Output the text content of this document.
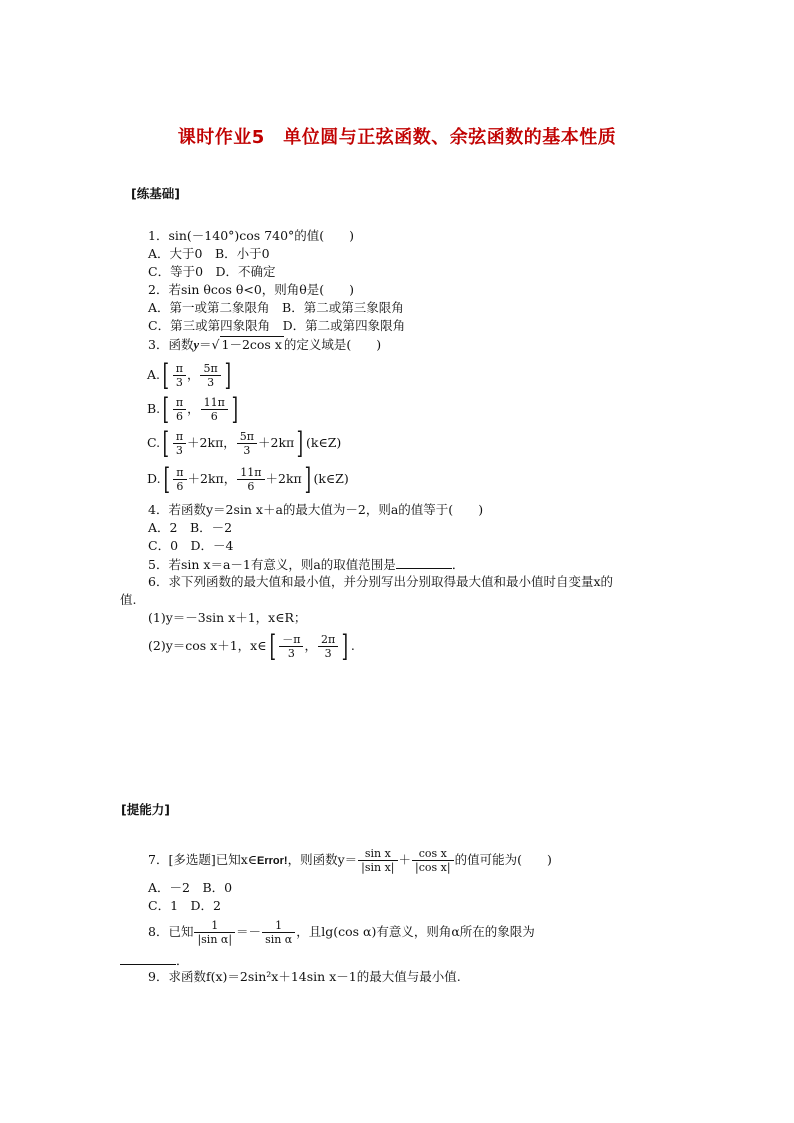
课时作业5　单位圆与正弦函数、余弦函数的基本性质
[练基础]
1．sin(－140°)cos 740°的值(　　)
A．大于0　B．小于0
C．等于0　D．不确定
2．若sin θcos θ<0，则角θ是(　　)
A．第一或第二象限角　B．第二或第三象限角
C．第三或第四象限角　D．第二或第四象限角
3．函数y＝√ 1－2cos x 的定义域是(　　)
$A.[ \frac{\pi}{3}$ ， $\frac{5\pi}{3}$ ]
$B.[ \frac{\pi}{6}$ ， $\frac{11\pi}{6}$ ]
$C.[ \frac{\pi}{3} +2k\pi$， $\frac{5\pi}{3} +2k\pi$] (k∈Z)
$D.[ \frac{\pi}{6} +2k\pi$， $\frac{11\pi}{6} +2k\pi$] (k∈Z)
4．若函数y＝2sin x＋a的最大值为－2，则a的值等于(　　)
A．2　B．－2
C．0　D．－4
5．若sin x＝a－1有意义，则a的取值范围是	．
6．求下列函数的最大值和最小值，并分别写出分别取得最大值和最小值时自变量x的
值.
(1)y＝－3sin x＋1，x∈R；
(2)y＝cos x＋1，x∈[ $\frac{-\pi}{3}$ ， $\frac{2\pi}{3}$ ] .
[提能力]
7．[多选题]已知x∈Error!，则函数$y= \frac{\text{sin x}}{\text{|sin x|}} + \frac{\text{cos x}}{\text{|cos x|}}$ 的值可能为(　　)
A．－2　B．0
C．1　D．2
8．已知 $\frac{1}{\text{|sin α|}} =- \frac{1}{\text{sin α}}$ ，且lg(cos α)有意义，则角α所在的象限为
．
9．求函数f(x)＝2sin²x＋14sin x－1的最大值与最小值.
